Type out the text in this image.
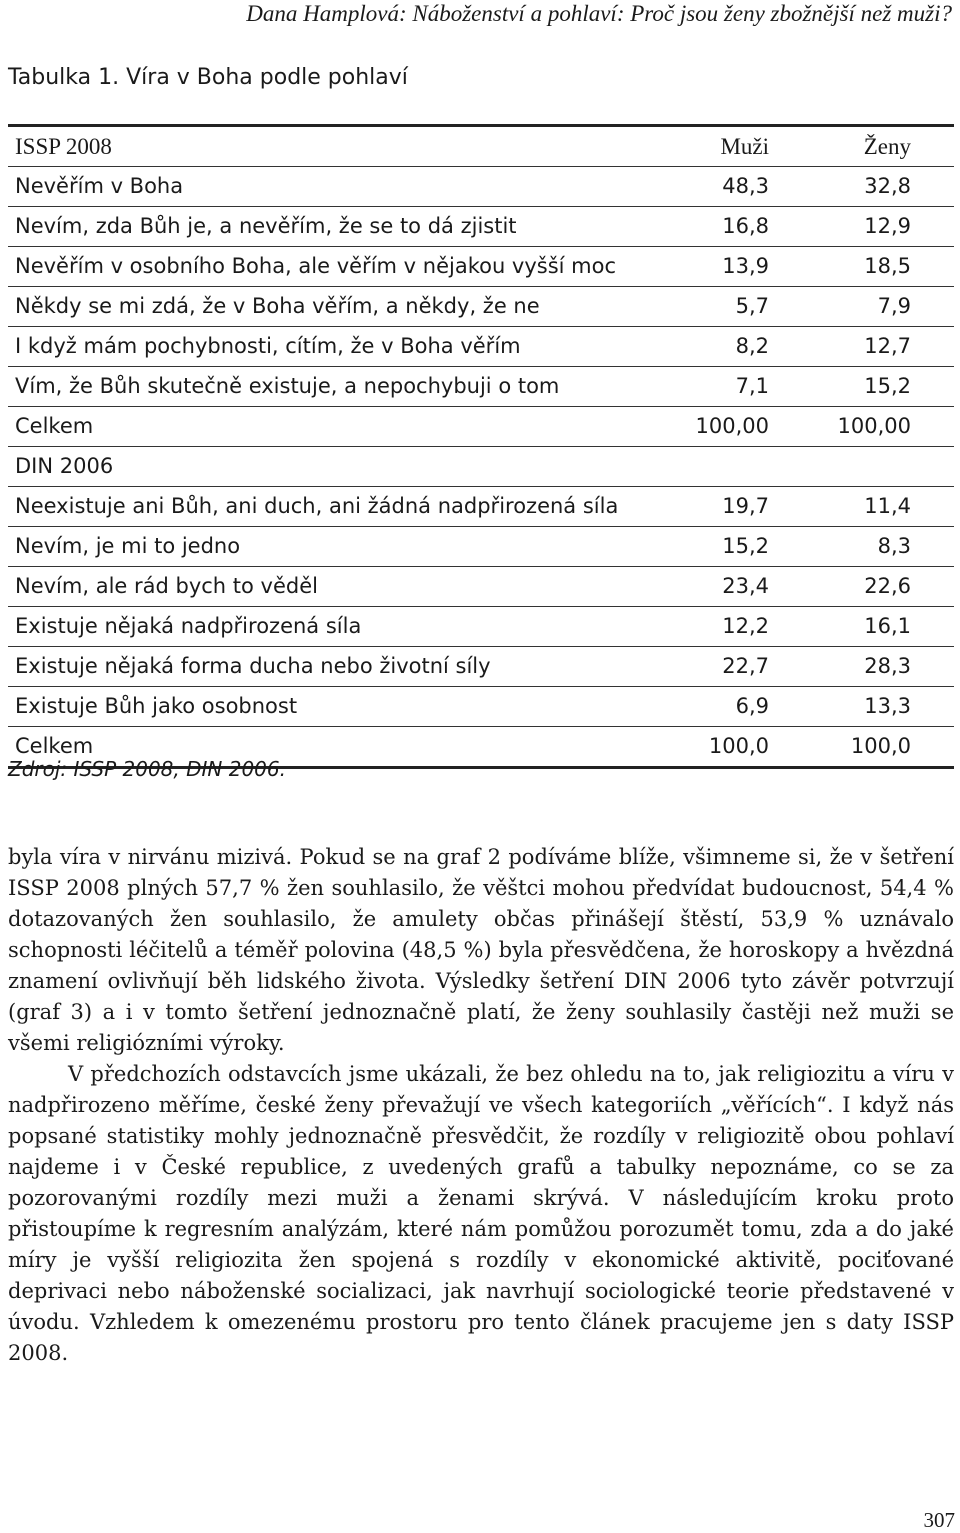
Dana Hamplová: Náboženství a pohlaví: Proč jsou ženy zbožnější než muži?
Tabulka 1. Víra v Boha podle pohlaví
ISSP 2008	Muži	Ženy
Nevěřím v Boha	48,3	32,8
Nevím, zda Bůh je, a nevěřím, že se to dá zjistit	16,8	12,9
Nevěřím v osobního Boha, ale věřím v nějakou vyšší moc	13,9	18,5
Někdy se mi zdá, že v Boha věřím, a někdy, že ne	5,7	7,9
I když mám pochybnosti, cítím, že v Boha věřím	8,2	12,7
Vím, že Bůh skutečně existuje, a nepochybuji o tom	7,1	15,2
Celkem	100,00	100,00
DIN 2006
Neexistuje ani Bůh, ani duch, ani žádná nadpřirozená síla	19,7	11,4
Nevím, je mi to jedno	15,2	8,3
Nevím, ale rád bych to věděl	23,4	22,6
Existuje nějaká nadpřirozená síla	12,2	16,1
Existuje nějaká forma ducha nebo životní síly	22,7	28,3
Existuje Bůh jako osobnost	6,9	13,3
Celkem	100,0	100,0
Zdroj: ISSP 2008, DIN 2006.

byla víra v nirvánu mizivá. Pokud se na graf 2 podíváme blíže, všimneme si, že v šetření ISSP 2008 plných 57,7 % žen souhlasilo, že věštci mohou předvídat budoucnost, 54,4 % dotazovaných žen souhlasilo, že amulety občas přinášejí štěstí, 53,9 % uznávalo schopnosti léčitelů a téměř polovina (48,5 %) byla přesvědčena, že horoskopy a hvězdná znamení ovlivňují běh lidského života. Výsledky šetření DIN 2006 tyto závěr potvrzují (graf 3) a i v tomto šetření jednoznačně platí, že ženy souhlasily častěji než muži se všemi religiózními výroky.

V předchozích odstavcích jsme ukázali, že bez ohledu na to, jak religiozitu a víru v nadpřirozeno měříme, české ženy převažují ve všech kategoriích „věřících“. I když nás popsané statistiky mohly jednoznačně přesvědčit, že rozdíly v religiozitě obou pohlaví najdeme i v České republice, z uvedených grafů a tabulky nepoznáme, co se za pozorovanými rozdíly mezi muži a ženami skrývá. V následujícím kroku proto přistoupíme k regresním analýzám, které nám pomůžou porozumět tomu, zda a do jaké míry je vyšší religiozita žen spojená s rozdíly v ekonomické aktivitě, pociťované deprivaci nebo náboženské socializaci, jak navrhují sociologické teorie představené v úvodu. Vzhledem k omezenému prostoru pro tento článek pracujeme jen s daty ISSP 2008.

307
